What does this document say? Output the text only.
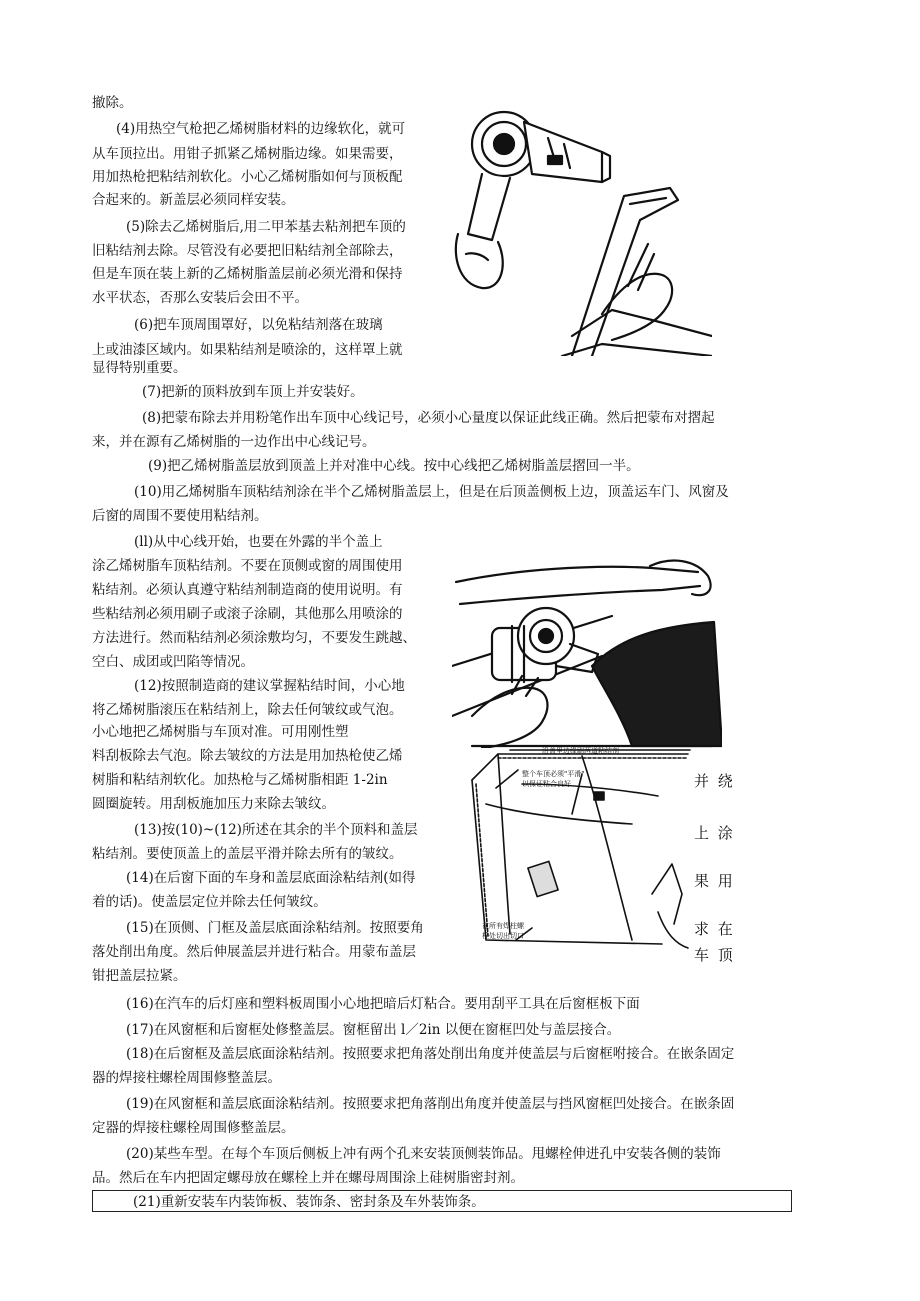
撤除。
(4)用热空气枪把乙烯树脂材料的边缘软化，就可
从车顶拉出。用钳子抓紧乙烯树脂边缘。如果需要，
用加热枪把粘结剂软化。小心乙烯树脂如何与顶板配
合起来的。新盖层必须同样安装。
(5)除去乙烯树脂后,用二甲苯基去粘剂把车顶的
旧粘结剂去除。尽管没有必要把旧粘结剂全部除去，
但是车顶在装上新的乙烯树脂盖层前必须光滑和保持
水平状态，否那么安装后会田不平。
(6)把车顶周围罩好，以免粘结剂落在玻璃
上或油漆区域内。如果粘结剂是喷涂的，这样罩上就
显得特别重要。
(7)把新的顶料放到车顶上并安装好。
(8)把蒙布除去并用粉笔作出车顶中心线记号，必须小心量度以保证此线正确。然后把蒙布对摺起
来，并在源有乙烯树脂的一边作出中心线记号。
(9)把乙烯树脂盖层放到顶盖上并对准中心线。按中心线把乙烯树脂盖层摺回一半。
(10)用乙烯树脂车顶粘结剂涂在半个乙烯树脂盖层上，但是在后顶盖侧板上边，顶盖运车门、风窗及
后窗的周围不要使用粘结剂。
(ll)从中心线开始，也要在外露的半个盖上
涂乙烯树脂车顶粘结剂。不要在顶侧或窗的周围使用
粘结剂。必须认真遵守粘结剂制造商的使用说明。有
些粘结剂必须用刷子或滚子涂刷，其他那么用喷涂的
方法进行。然而粘结剂必须涂敷均匀，不要发生跳越、
空白、成团或凹陷等情况。
(12)按照制造商的建议掌握粘结时间，小心地
将乙烯树脂滚压在粘结剂上，除去任何皱纹或气泡。
小心地把乙烯树脂与车顶对准。可用刚性塑
料刮板除去气泡。除去皱纹的方法是用加热枪使乙烯
树脂和粘结剂软化。加热枪与乙烯树脂相距 1-2in
圆圈旋转。用刮板施加压力来除去皱纹。
(13)按(10)~(12)所述在其余的半个顶料和盖层
粘结剂。要使顶盖上的盖层平滑并除去所有的皱纹。
(14)在后窗下面的车身和盖层底面涂粘结剂(如得
着的话)。使盖层定位并除去任何皱纹。
(15)在顶侧、门框及盖层底面涂粘结剂。按照要角
落处削出角度。然后伸展盖层并进行粘合。用蒙布盖层
钳把盖层拉紧。
(16)在汽车的后灯座和塑料板周围小心地把暗后灯粘合。要用刮平工具在后窗框板下面
(17)在风窗框和后窗框处修整盖层。窗框留出 l／2in 以便在窗框凹处与盖层接合。
(18)在后窗框及盖层底面涂粘结剂。按照要求把角落处削出角度并使盖层与后窗框咐接合。在嵌条固定
器的焊接柱螺栓周围修整盖层。
(19)在风窗框和盖层底面涂粘结剂。按照要求把角落削出角度并使盖层与挡风窗框凹处接合。在嵌条固
定器的焊接柱螺栓周围修整盖层。
(20)某些车型。在每个车顶后侧板上冲有两个孔来安装顶侧装饰品。甩螺栓伸进孔中安装各侧的装饰
品。然后在车内把固定螺母放在螺栓上并在螺母周围涂上硅树脂密封剂。
沿盖里边缘刷两道粘结剂
整个车顶必须"平滑"
以保证粘合良好
在所有焊柱螺
栓处切出切口
并 绕
上 涂
果 用
求 在
车 顶
(21)重新安装车内装饰板、装饰条、密封条及车外装饰条。
